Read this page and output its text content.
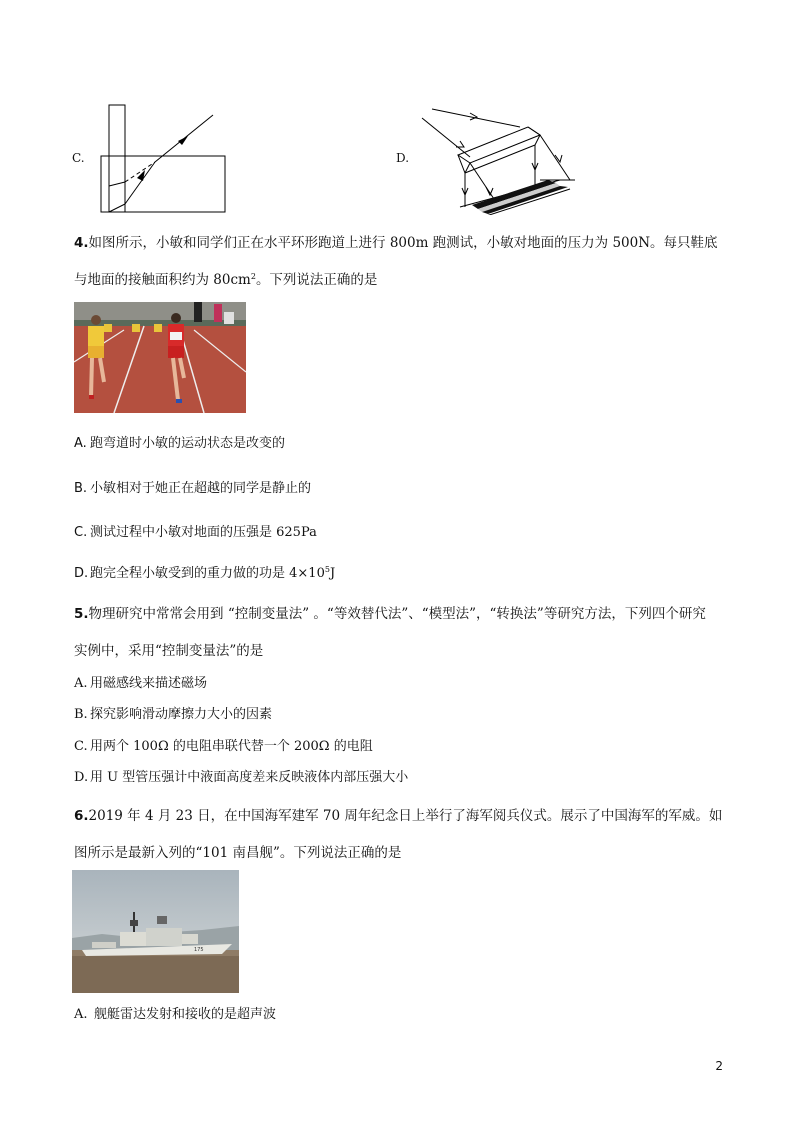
C.	D.
4.如图所示，小敏和同学们正在水平环形跑道上进行 800m 跑测试，小敏对地面的压力为 500N。每只鞋底
与地面的接触面积约为 $80cm^2$。下列说法正确的是
A. 跑弯道时小敏的运动状态是改变的
B. 小敏相对于她正在超越的同学是静止的
C. 测试过程中小敏对地面的压强是 625Pa
D. 跑完全程小敏受到的重力做的功是 $4\times 10^5J$
5.物理研究中常常会用到 “控制变量法” 。“等效替代法”、“模型法”，“转换法”等研究方法，下列四个研究
实例中，采用“控制变量法”的是
A. 用磁感线来描述磁场
B. 探究影响滑动摩擦力大小的因素
C. 用两个 100Ω 的电阻串联代替一个 200Ω 的电阻
D. 用 U 型管压强计中液面高度差来反映液体内部压强大小
6.2019 年 4 月 23 日，在中国海军建军 70 周年纪念日上举行了海军阅兵仪式。展示了中国海军的军威。如
图所示是最新入列的“101 南昌舰”。下列说法正确的是
175
A. 舰艇雷达发射和接收的是超声波
2
